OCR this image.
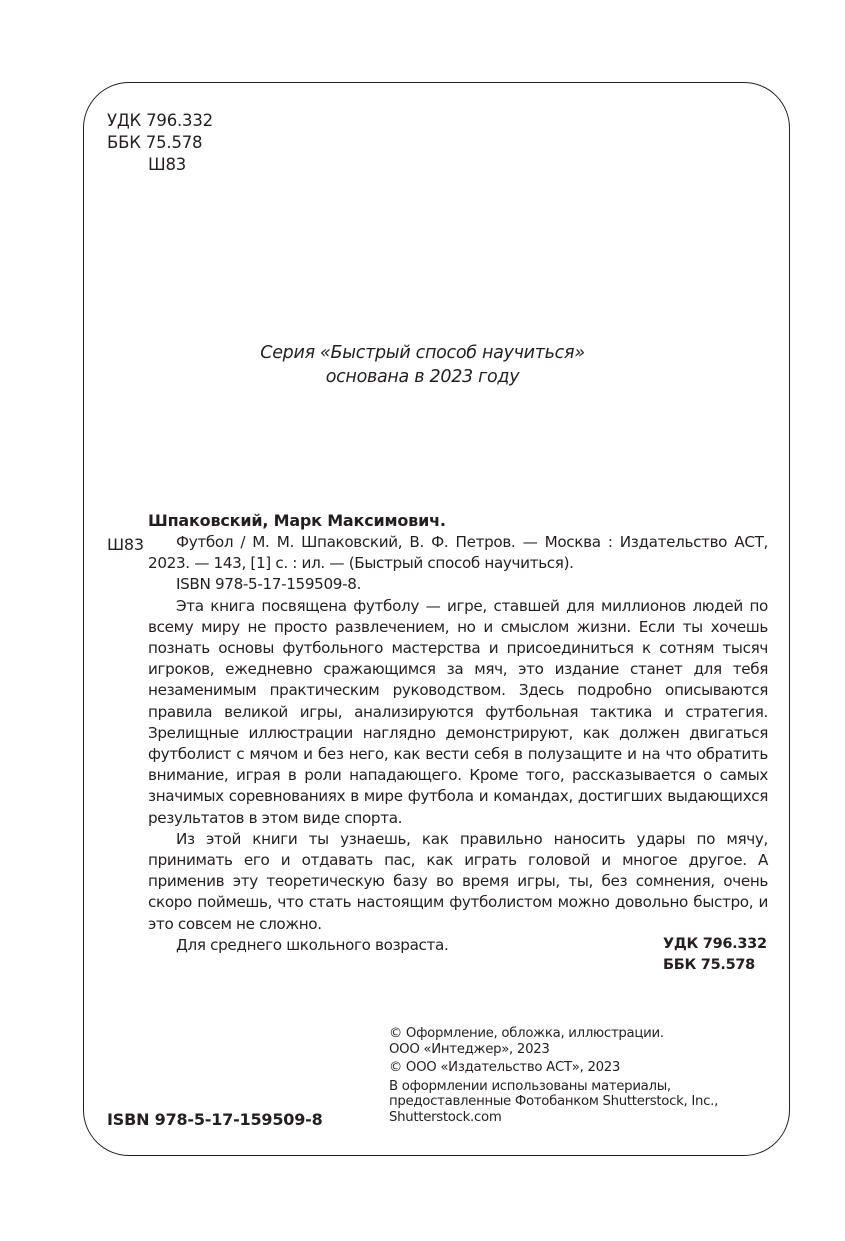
УДК 796.332
ББК 75.578
Ш83
Серия «Быстрый способ научиться»
основана в 2023 году
Шпаковский, Марк Максимович.
Ш83	Футбол / М. М. Шпаковский, В. Ф. Петров. — Москва : Издательство АСТ, 2023. — 143, [1] с. : ил. — (Быстрый способ научиться).

ISBN 978-5-17-159509-8.

Эта книга посвящена футболу — игре, ставшей для миллионов людей по всему миру не просто развлечением, но и смыслом жизни. Если ты хочешь познать основы футбольного мастерства и присоединиться к сотням тысяч игроков, ежедневно сражающимся за мяч, это издание станет для тебя незаменимым практическим руководством. Здесь подробно описываются правила великой игры, анализируются футбольная тактика и стратегия. Зрелищные иллюстрации наглядно демонстрируют, как должен двигаться футболист с мячом и без него, как вести себя в полузащите и на что обратить внимание, играя в роли нападающего. Кроме того, рассказывается о самых значимых соревнованиях в мире футбола и командах, достигших выдающихся результатов в этом виде спорта.

Из этой книги ты узнаешь, как правильно наносить удары по мячу, принимать его и отдавать пас, как играть головой и многое другое. А применив эту теоретическую базу во время игры, ты, без сомнения, очень скоро поймешь, что стать настоящим футболистом можно довольно быстро, и это совсем не сложно.

Для среднего школьного возраста.	УДК 796.332
ББК 75.578
© Оформление, обложка, иллюстрации.
ООО «Интеджер», 2023
© ООО «Издательство АСТ», 2023
В оформлении использованы материалы,
предоставленные Фотобанком Shutterstock, Inc.,
Shutterstock.com
ISBN 978-5-17-159509-8
